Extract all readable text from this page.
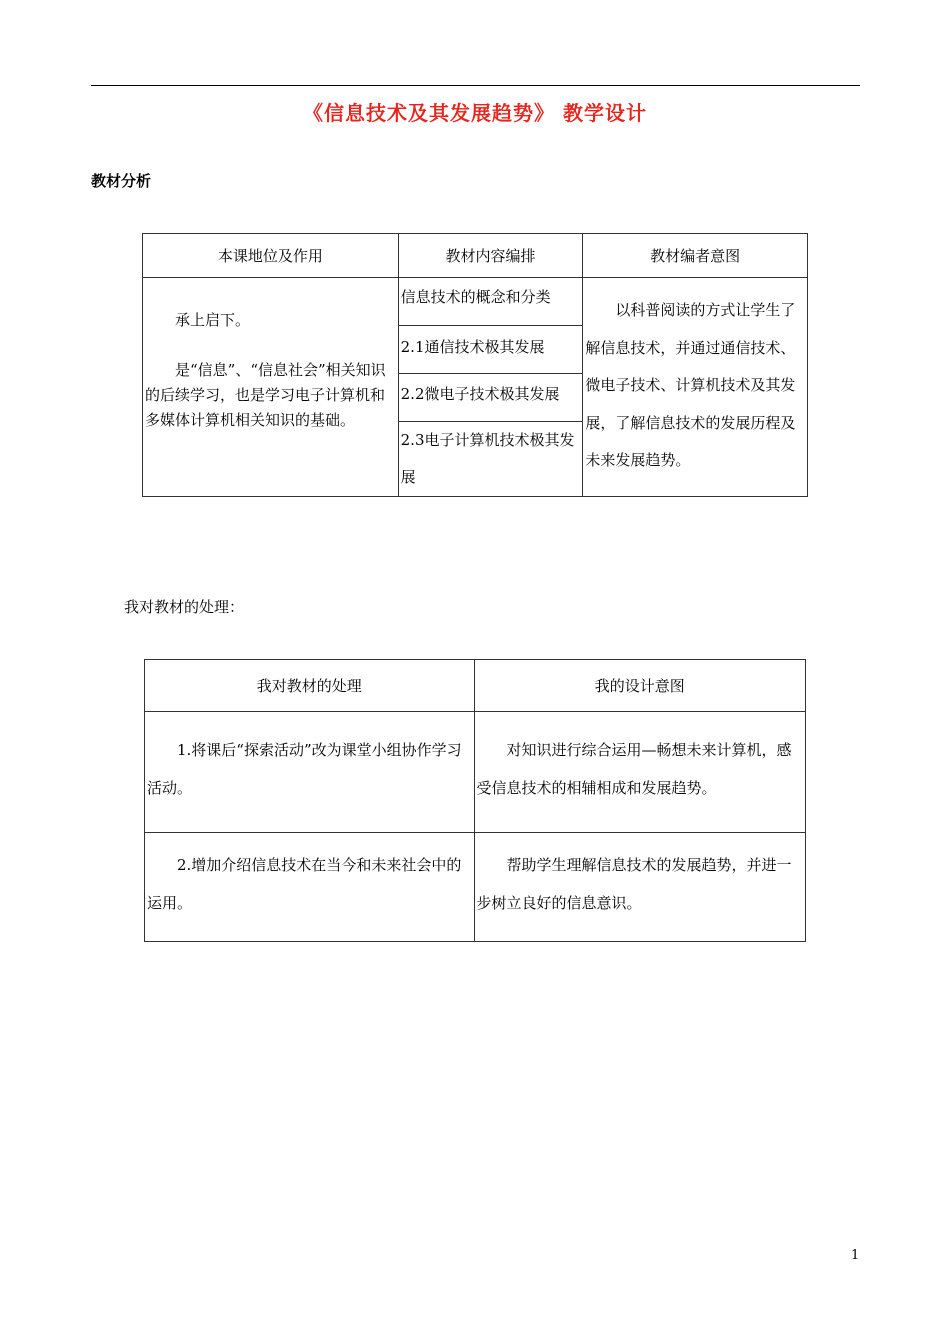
《信息技术及其发展趋势》 教学设计
教材分析
本课地位及作用	教材内容编排	教材编者意图

承上启下。
是“信息”、“信息社会”相关知识的后续学习，也是学习电子计算机和多媒体计算机相关知识的基础。	信息技术的概念和分类	以科普阅读的方式让学生了解信息技术，并通过通信技术、微电子技术、计算机技术及其发展，了解信息技术的发展历程及未来发展趋势。

	2.1通信技术极其发展	
	2.2微电子技术极其发展	
	2.3电子计算机技术极其发展	
我对教材的处理：
我对教材的处理	我的设计意图

1.将课后“探索活动”改为课堂小组协作学习活动。	对知识进行综合运用—畅想未来计算机，感受信息技术的相辅相成和发展趋势。

2.增加介绍信息技术在当今和未来社会中的运用。	帮助学生理解信息技术的发展趋势，并进一步树立良好的信息意识。
1
